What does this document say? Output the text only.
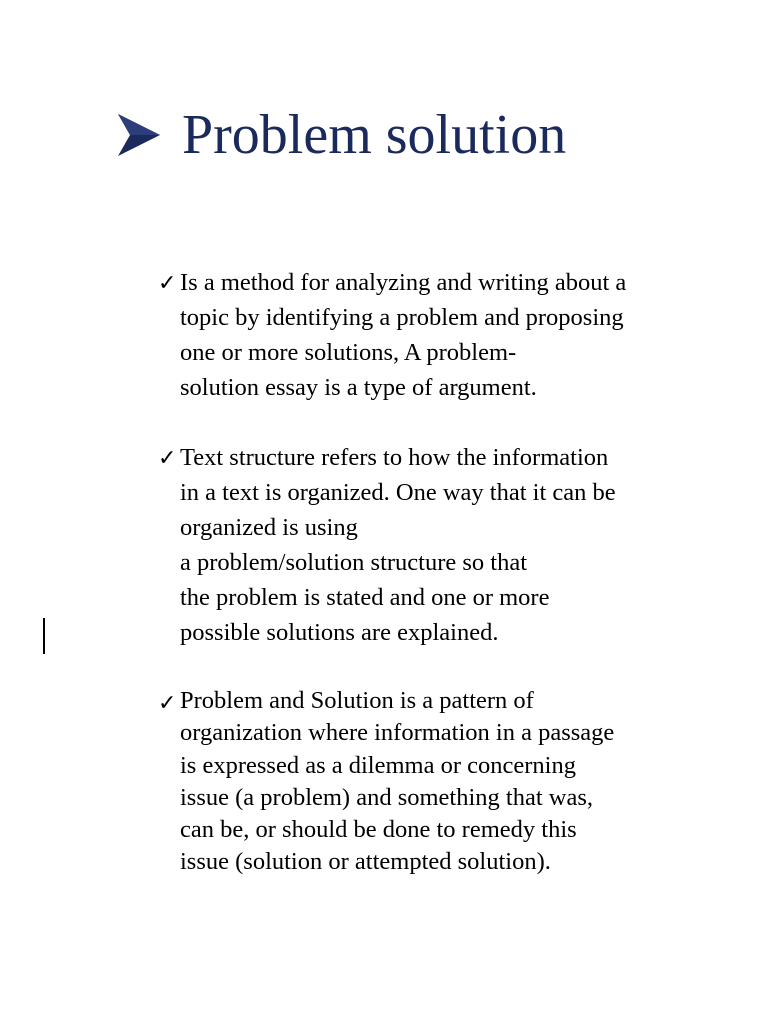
Problem solution
✓ Is a method for analyzing and writing about a
topic by identifying a problem and proposing
one or more solutions, A problem-
solution essay is a type of argument.
✓ Text structure refers to how the information
in a text is organized. One way that it can be
organized is using
a problem/solution structure so that
the problem is stated and one or more
possible solutions are explained.
✓ Problem and Solution is a pattern of
organization where information in a passage
is expressed as a dilemma or concerning
issue (a problem) and something that was,
can be, or should be done to remedy this
issue (solution or attempted solution).
